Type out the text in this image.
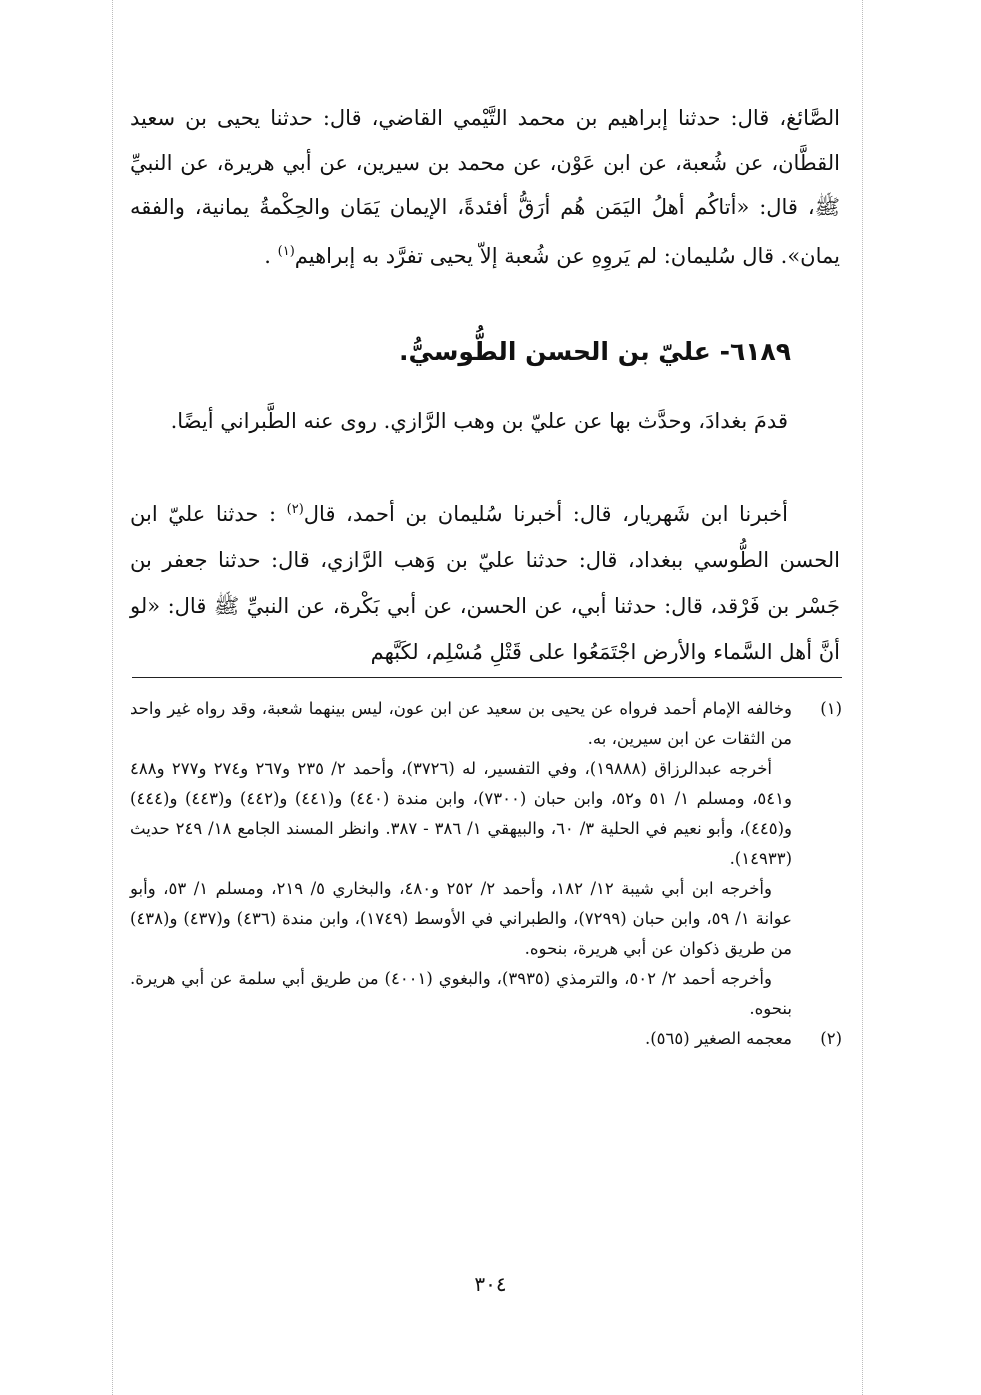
الصَّائغ، قال: حدثنا إبراهيم بن محمد التَّيْمي القاضي، قال: حدثنا يحيى بن سعيد القطَّان، عن شُعبة، عن ابن عَوْن، عن محمد بن سيرين، عن أبي هريرة، عن النبيِّ ﷺ، قال: «أتاكُم أهلُ اليَمَن هُم أرَقُّ أفئدةً، الإيمان يَمَان والحِكْمةُ يمانية، والفقه يمان». قال سُليمان: لم يَروِهِ عن شُعبة إلاّ يحيى تفرَّد به إبراهيم$^{(١)}$ .

٦١٨٩- عليّ بن الحسن الطُّوسيُّ.

قدمَ بغدادَ، وحدَّث بها عن عليّ بن وهب الرَّازي. روى عنه الطَّبراني أيضًا.

أخبرنا ابن شَهريار، قال: أخبرنا سُليمان بن أحمد، قال$^{(٢)}$ : حدثنا عليّ ابن الحسن الطُّوسي ببغداد، قال: حدثنا عليّ بن وَهب الرَّازي، قال: حدثنا جعفر بن جَسْر بن فَرْقد، قال: حدثنا أبي، عن الحسن، عن أبي بَكْرة، عن النبيِّ ﷺ قال: «لو أنَّ أهل السَّماء والأرض اجْتَمَعُوا على قَتْلِ مُسْلِم، لكَبَّهم

(١)
وخالفه الإمام أحمد فرواه عن يحيى بن سعيد عن ابن عون، ليس بينهما شعبة، وقد رواه غير واحد من الثقات عن ابن سيرين، به.

أخرجه عبدالرزاق (١٩٨٨٨)، وفي التفسير، له (٣٧٢٦)، وأحمد ٢/ ٢٣٥ و٢٦٧ و٢٧٤ و٢٧٧ و٤٨٨ و٥٤١، ومسلم ١/ ٥١ و٥٢، وابن حبان (٧٣٠٠)، وابن مندة (٤٤٠) و(٤٤١) و(٤٤٢) و(٤٤٣) و(٤٤٤) و(٤٤٥)، وأبو نعيم في الحلية ٣/ ٦٠، والبيهقي ١/ ٣٨٦ - ٣٨٧. وانظر المسند الجامع ١٨/ ٢٤٩ حديث (١٤٩٣٣).

وأخرجه ابن أبي شيبة ١٢/ ١٨٢، وأحمد ٢/ ٢٥٢ و٤٨٠، والبخاري ٥/ ٢١٩، ومسلم ١/ ٥٣، وأبو عوانة ١/ ٥٩، وابن حبان (٧٢٩٩)، والطبراني في الأوسط (١٧٤٩)، وابن مندة (٤٣٦) و(٤٣٧) و(٤٣٨) من طريق ذكوان عن أبي هريرة، بنحوه.

وأخرجه أحمد ٢/ ٥٠٢، والترمذي (٣٩٣٥)، والبغوي (٤٠٠١) من طريق أبي سلمة عن أبي هريرة. بنحوه.

(٢)
معجمه الصغير (٥٦٥).
٣٠٤
